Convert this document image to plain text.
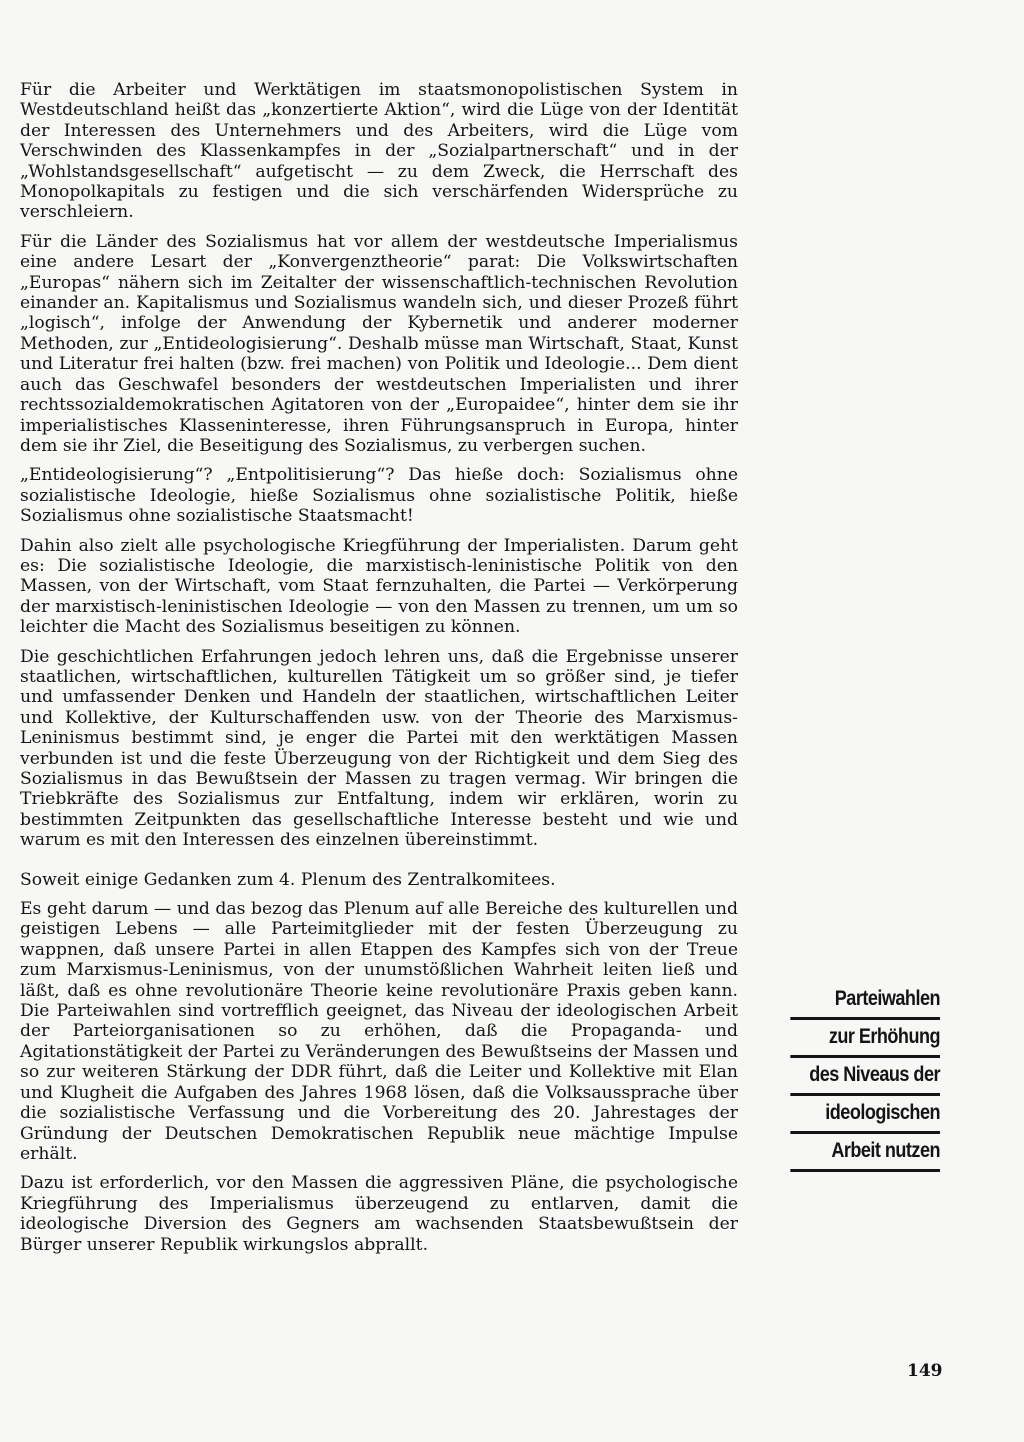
Für die Arbeiter und Werktätigen im staatsmonopolistischen System in Westdeutschland heißt das „konzertierte Aktion“, wird die Lüge von der Identität der Interessen des Unternehmers und des Arbeiters, wird die Lüge vom Verschwinden des Klassenkampfes in der „Sozialpartnerschaft“ und in der „Wohlstandsgesellschaft“ aufgetischt — zu dem Zweck, die Herrschaft des Monopolkapitals zu festigen und die sich verschärfenden Widersprüche zu verschleiern.

Für die Länder des Sozialismus hat vor allem der westdeutsche Imperialismus eine andere Lesart der „Konvergenztheorie“ parat: Die Volkswirtschaften „Europas“ nähern sich im Zeitalter der wissenschaftlich-technischen Revolution einander an. Kapitalismus und Sozialismus wandeln sich, und dieser Prozeß führt „logisch“, infolge der Anwendung der Kybernetik und anderer moderner Methoden, zur „Entideologisierung“. Deshalb müsse man Wirtschaft, Staat, Kunst und Literatur frei halten (bzw. frei machen) von Politik und Ideologie... Dem dient auch das Geschwafel besonders der westdeutschen Imperialisten und ihrer rechtssozialdemokratischen Agitatoren von der „Europaidee“, hinter dem sie ihr imperialistisches Klasseninteresse, ihren Führungsanspruch in Europa, hinter dem sie ihr Ziel, die Beseitigung des Sozialismus, zu verbergen suchen.

„Entideologisierung“? „Entpolitisierung“? Das hieße doch: Sozialismus ohne sozialistische Ideologie, hieße Sozialismus ohne sozialistische Politik, hieße Sozialismus ohne sozialistische Staatsmacht!

Dahin also zielt alle psychologische Kriegführung der Imperialisten. Darum geht es: Die sozialistische Ideologie, die marxistisch-leninistische Politik von den Massen, von der Wirtschaft, vom Staat fernzuhalten, die Partei — Verkörperung der marxistisch-leninistischen Ideologie — von den Massen zu trennen, um um so leichter die Macht des Sozialismus beseitigen zu können.

Die geschichtlichen Erfahrungen jedoch lehren uns, daß die Ergebnisse unserer staatlichen, wirtschaftlichen, kulturellen Tätigkeit um so größer sind, je tiefer und umfassender Denken und Handeln der staatlichen, wirtschaftlichen Leiter und Kollektive, der Kulturschaffenden usw. von der Theorie des Marxismus-Leninismus bestimmt sind, je enger die Partei mit den werktätigen Massen verbunden ist und die feste Überzeugung von der Richtigkeit und dem Sieg des Sozialismus in das Bewußtsein der Massen zu tragen vermag. Wir bringen die Triebkräfte des Sozialismus zur Entfaltung, indem wir erklären, worin zu bestimmten Zeitpunkten das gesellschaftliche Interesse besteht und wie und warum es mit den Interessen des einzelnen übereinstimmt.

Soweit einige Gedanken zum 4. Plenum des Zentralkomitees.

Es geht darum — und das bezog das Plenum auf alle Bereiche des kulturellen und geistigen Lebens — alle Parteimitglieder mit der festen Überzeugung zu wappnen, daß unsere Partei in allen Etappen des Kampfes sich von der Treue zum Marxismus-Leninismus, von der unumstößlichen Wahrheit leiten ließ und läßt, daß es ohne revolutionäre Theorie keine revolutionäre Praxis geben kann. Die Parteiwahlen sind vortrefflich geeignet, das Niveau der ideologischen Arbeit der Parteiorganisationen so zu erhöhen, daß die Propaganda- und Agitationstätigkeit der Partei zu Veränderungen des Bewußtseins der Massen und so zur weiteren Stärkung der DDR führt, daß die Leiter und Kollektive mit Elan und Klugheit die Aufgaben des Jahres 1968 lösen, daß die Volksaussprache über die sozialistische Verfassung und die Vorbereitung des 20. Jahrestages der Gründung der Deutschen Demokratischen Republik neue mächtige Impulse erhält.

Dazu ist erforderlich, vor den Massen die aggressiven Pläne, die psychologische Kriegführung des Imperialismus überzeugend zu entlarven, damit die ideologische Diversion des Gegners am wachsenden Staatsbewußtsein der Bürger unserer Republik wirkungslos abprallt.

Parteiwahlen
zur Erhöhung
des Niveaus der
ideologischen
Arbeit nutzen
149
